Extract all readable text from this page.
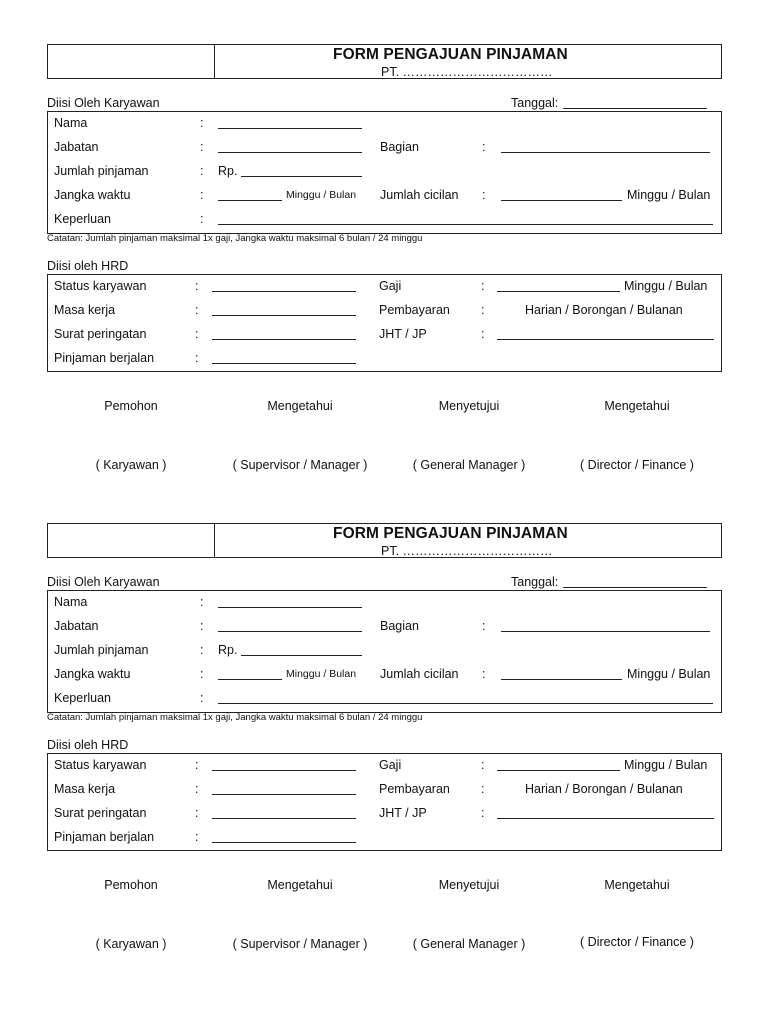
FORM PENGAJUAN PINJAMAN
PT. ………………………………
Diisi Oleh Karyawan	Tanggal:
Nama	:
Jabatan	:	Bagian	:
Jumlah pinjaman	: Rp.
Jangka waktu	:	Minggu / Bulan Jumlah cicilan :	Minggu / Bulan
Keperluan	:
Catatan: Jumlah pinjaman maksimal 1x gaji, Jangka waktu maksimal 6 bulan / 24 minggu
Diisi oleh HRD
Status karyawan	:	Gaji	:	Minggu / Bulan
Masa kerja	:	Pembayaran :	Harian / Borongan / Bulanan
Surat peringatan	:	JHT / JP	:
Pinjaman berjalan	:
Pemohon	Mengetahui	Menyetujui	Mengetahui
( Karyawan )	( Supervisor / Manager )	( General Manager )	( Director / Finance )
FORM PENGAJUAN PINJAMAN
PT. ………………………………
Diisi Oleh Karyawan	Tanggal:
Nama	:
Jabatan	:	Bagian	:
Jumlah pinjaman	: Rp.
Jangka waktu	:	Minggu / Bulan Jumlah cicilan :	Minggu / Bulan
Keperluan	:
Catatan: Jumlah pinjaman maksimal 1x gaji, Jangka waktu maksimal 6 bulan / 24 minggu
Diisi oleh HRD
Status karyawan	:	Gaji	:	Minggu / Bulan
Masa kerja	:	Pembayaran :	Harian / Borongan / Bulanan
Surat peringatan	:	JHT / JP	:
Pinjaman berjalan	:
Pemohon	Mengetahui	Menyetujui	Mengetahui
( Karyawan )	( Supervisor / Manager )	( General Manager )	( Director / Finance )
